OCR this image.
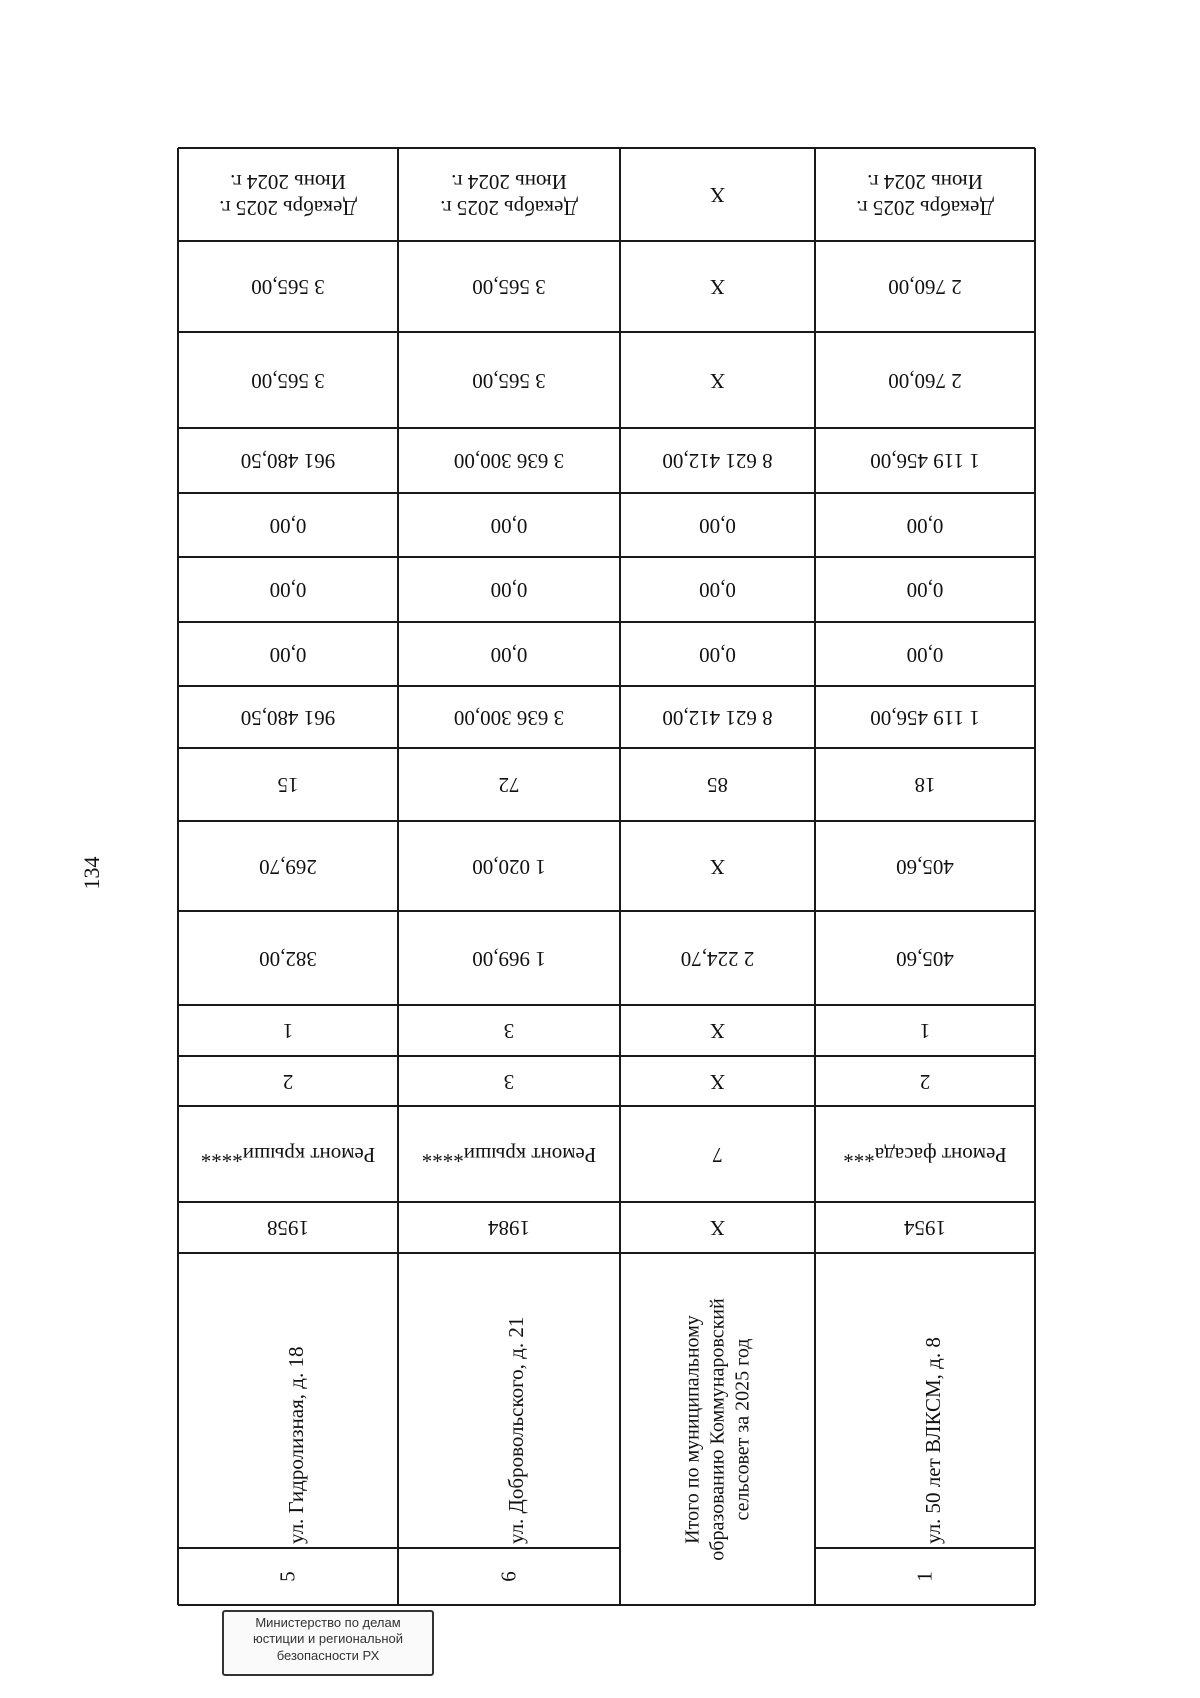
134
Июнь 2024 г.
Декабрь 2025 г.
3 565,00
3 565,00
961 480,50
0,00
0,00
0,00
961 480,50
15
269,70
382,00
1
2
Ремонт крыши****
1958
ул. Гидролизная, д. 18
5
Июнь 2024 г.
Декабрь 2025 г.
3 565,00
3 565,00
3 636 300,00
0,00
0,00
0,00
3 636 300,00
72
1 020,00
1 969,00
3
3
Ремонт крыши****
1984
ул. Добровольского, д. 21
6
X
X
X
8 621 412,00
0,00
0,00
0,00
8 621 412,00
85
X
2 224,70
X
X
7
X
Итого по муниципальному образованию Коммунаровский сельсовет за 2025 год
Июнь 2024 г.
Декабрь 2025 г.
2 760,00
2 760,00
1 119 456,00
0,00
0,00
0,00
1 119 456,00
18
405,60
405,60
1
2
Ремонт фасада***
1954
ул. 50 лет ВЛКСМ, д. 8
1
Министерство по делам
юстиции и региональной
безопасности РХ
